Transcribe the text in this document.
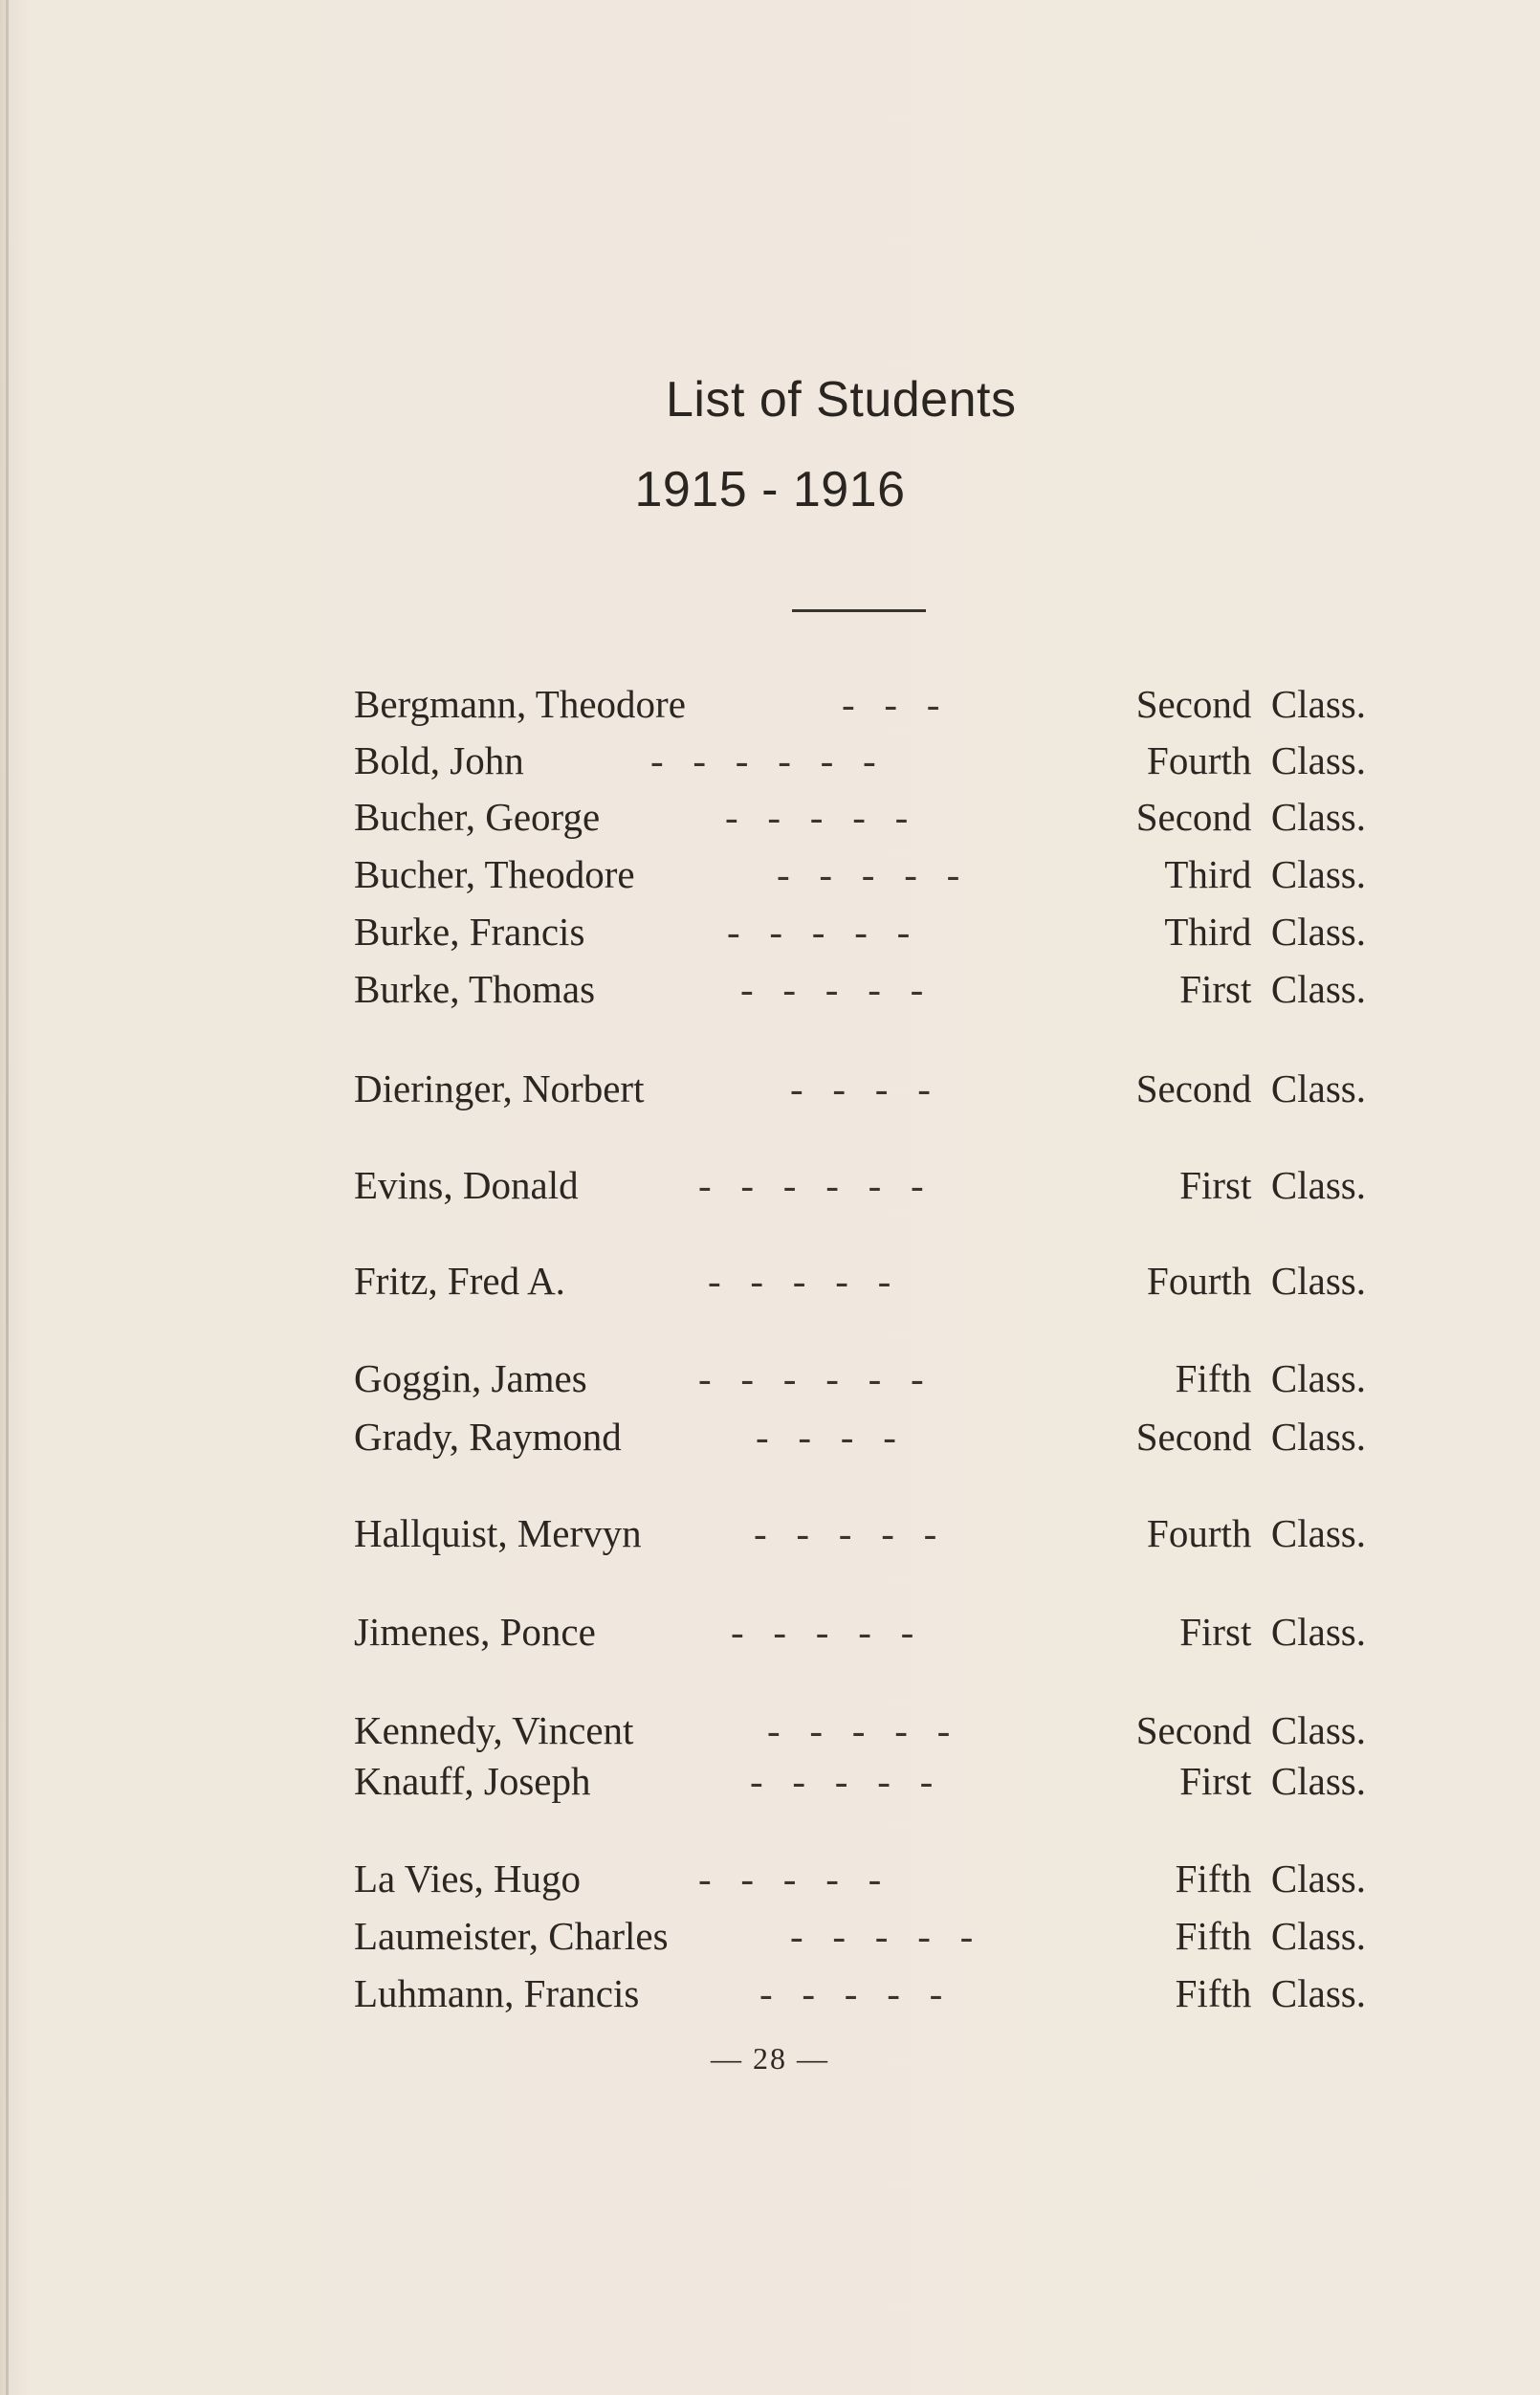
List of Students
1915 - 1916
Bergmann, Theodore	-   -   -	Second  Class.
Bold, John	-   -   -   -   -   -	Fourth  Class.
Bucher, George	-   -   -   -   -	Second  Class.
Bucher, Theodore	-   -   -   -   -	Third  Class.
Burke, Francis	-   -   -   -   -	Third  Class.
Burke, Thomas	-   -   -   -   -	First  Class.
Dieringer, Norbert	-   -   -   -	Second  Class.
Evins, Donald	-   -   -   -   -   -	First  Class.
Fritz, Fred A.	-   -   -   -   -	Fourth  Class.
Goggin, James	-   -   -   -   -   -	Fifth  Class.
Grady, Raymond	-   -   -   -	Second  Class.
Hallquist, Mervyn	-   -   -   -   -	Fourth  Class.
Jimenes, Ponce	-   -   -   -   -	First  Class.
Kennedy, Vincent	-   -   -   -   -	Second  Class.
Knauff, Joseph	-   -   -   -   -	First  Class.
La Vies, Hugo	-   -   -   -   -	Fifth  Class.
Laumeister, Charles	-   -   -   -   -	Fifth  Class.
Luhmann, Francis	-   -   -   -   -	Fifth  Class.
— 28 —
